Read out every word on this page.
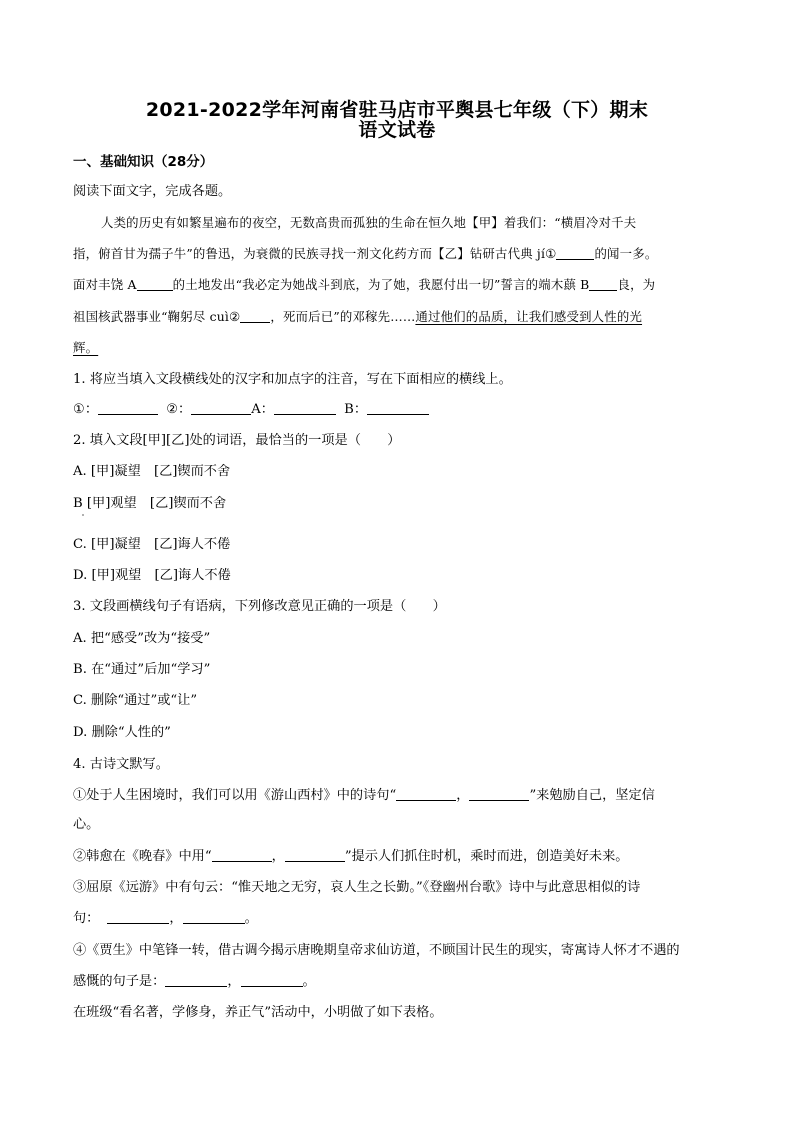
2021-2022学年河南省驻马店市平舆县七年级（下）期末
语文试卷
一、基础知识（28分）
阅读下面文字，完成各题。
人类的历史有如繁星遍布的夜空，无数高贵而孤独的生命在恒久地【甲】着我们：“横眉冷对千夫
指，俯首甘为孺子牛”的鲁迅，为衰微的民族寻找一剂文化药方而【乙】钻研古代典 jí①	的闻一多。
面对丰饶 A	的土地发出“我必定为她战斗到底，为了她，我愿付出一切”誓言的端木蕻 B 良，为
祖国核武器事业“鞠躬尽 cuì② ，死而后已”的邓稼先……通过他们的品质，让我们感受到人性的光
辉。
1. 将应当填入文段横线处的汉字和加点字的注音，写在下面相应的横线上。
①：	②：	A：	B：
2. 填入文段[甲][乙]处的词语，最恰当的一项是（　　）
A. [甲]凝望　[乙]锲而不舍
B [甲]观望　[乙]锲而不舍
C. [甲]凝望　[乙]诲人不倦
D. [甲]观望　[乙]诲人不倦
3. 文段画横线句子有语病，下列修改意见正确的一项是（　　）
A. 把“感受”改为“接受”
B. 在“通过”后加“学习”
C. 删除“通过”或“让”
D. 删除“人性的”
4. 古诗文默写。
①处于人生困境时，我们可以用《游山西村》中的诗句“	，	”来勉励自己，坚定信
心。
②韩愈在《晚春》中用“	，	”提示人们抓住时机，乘时而进，创造美好未来。
③屈原《远游》中有句云：“惟天地之无穷，哀人生之长勤。”《登幽州台歌》诗中与此意思相似的诗
句：	，	。
④《贾生》中笔锋一转，借古调今揭示唐晚期皇帝求仙访道，不顾国计民生的现实，寄寓诗人怀才不遇的
感慨的句子是：	，	。
在班级“看名著，学修身，养正气”活动中，小明做了如下表格。
